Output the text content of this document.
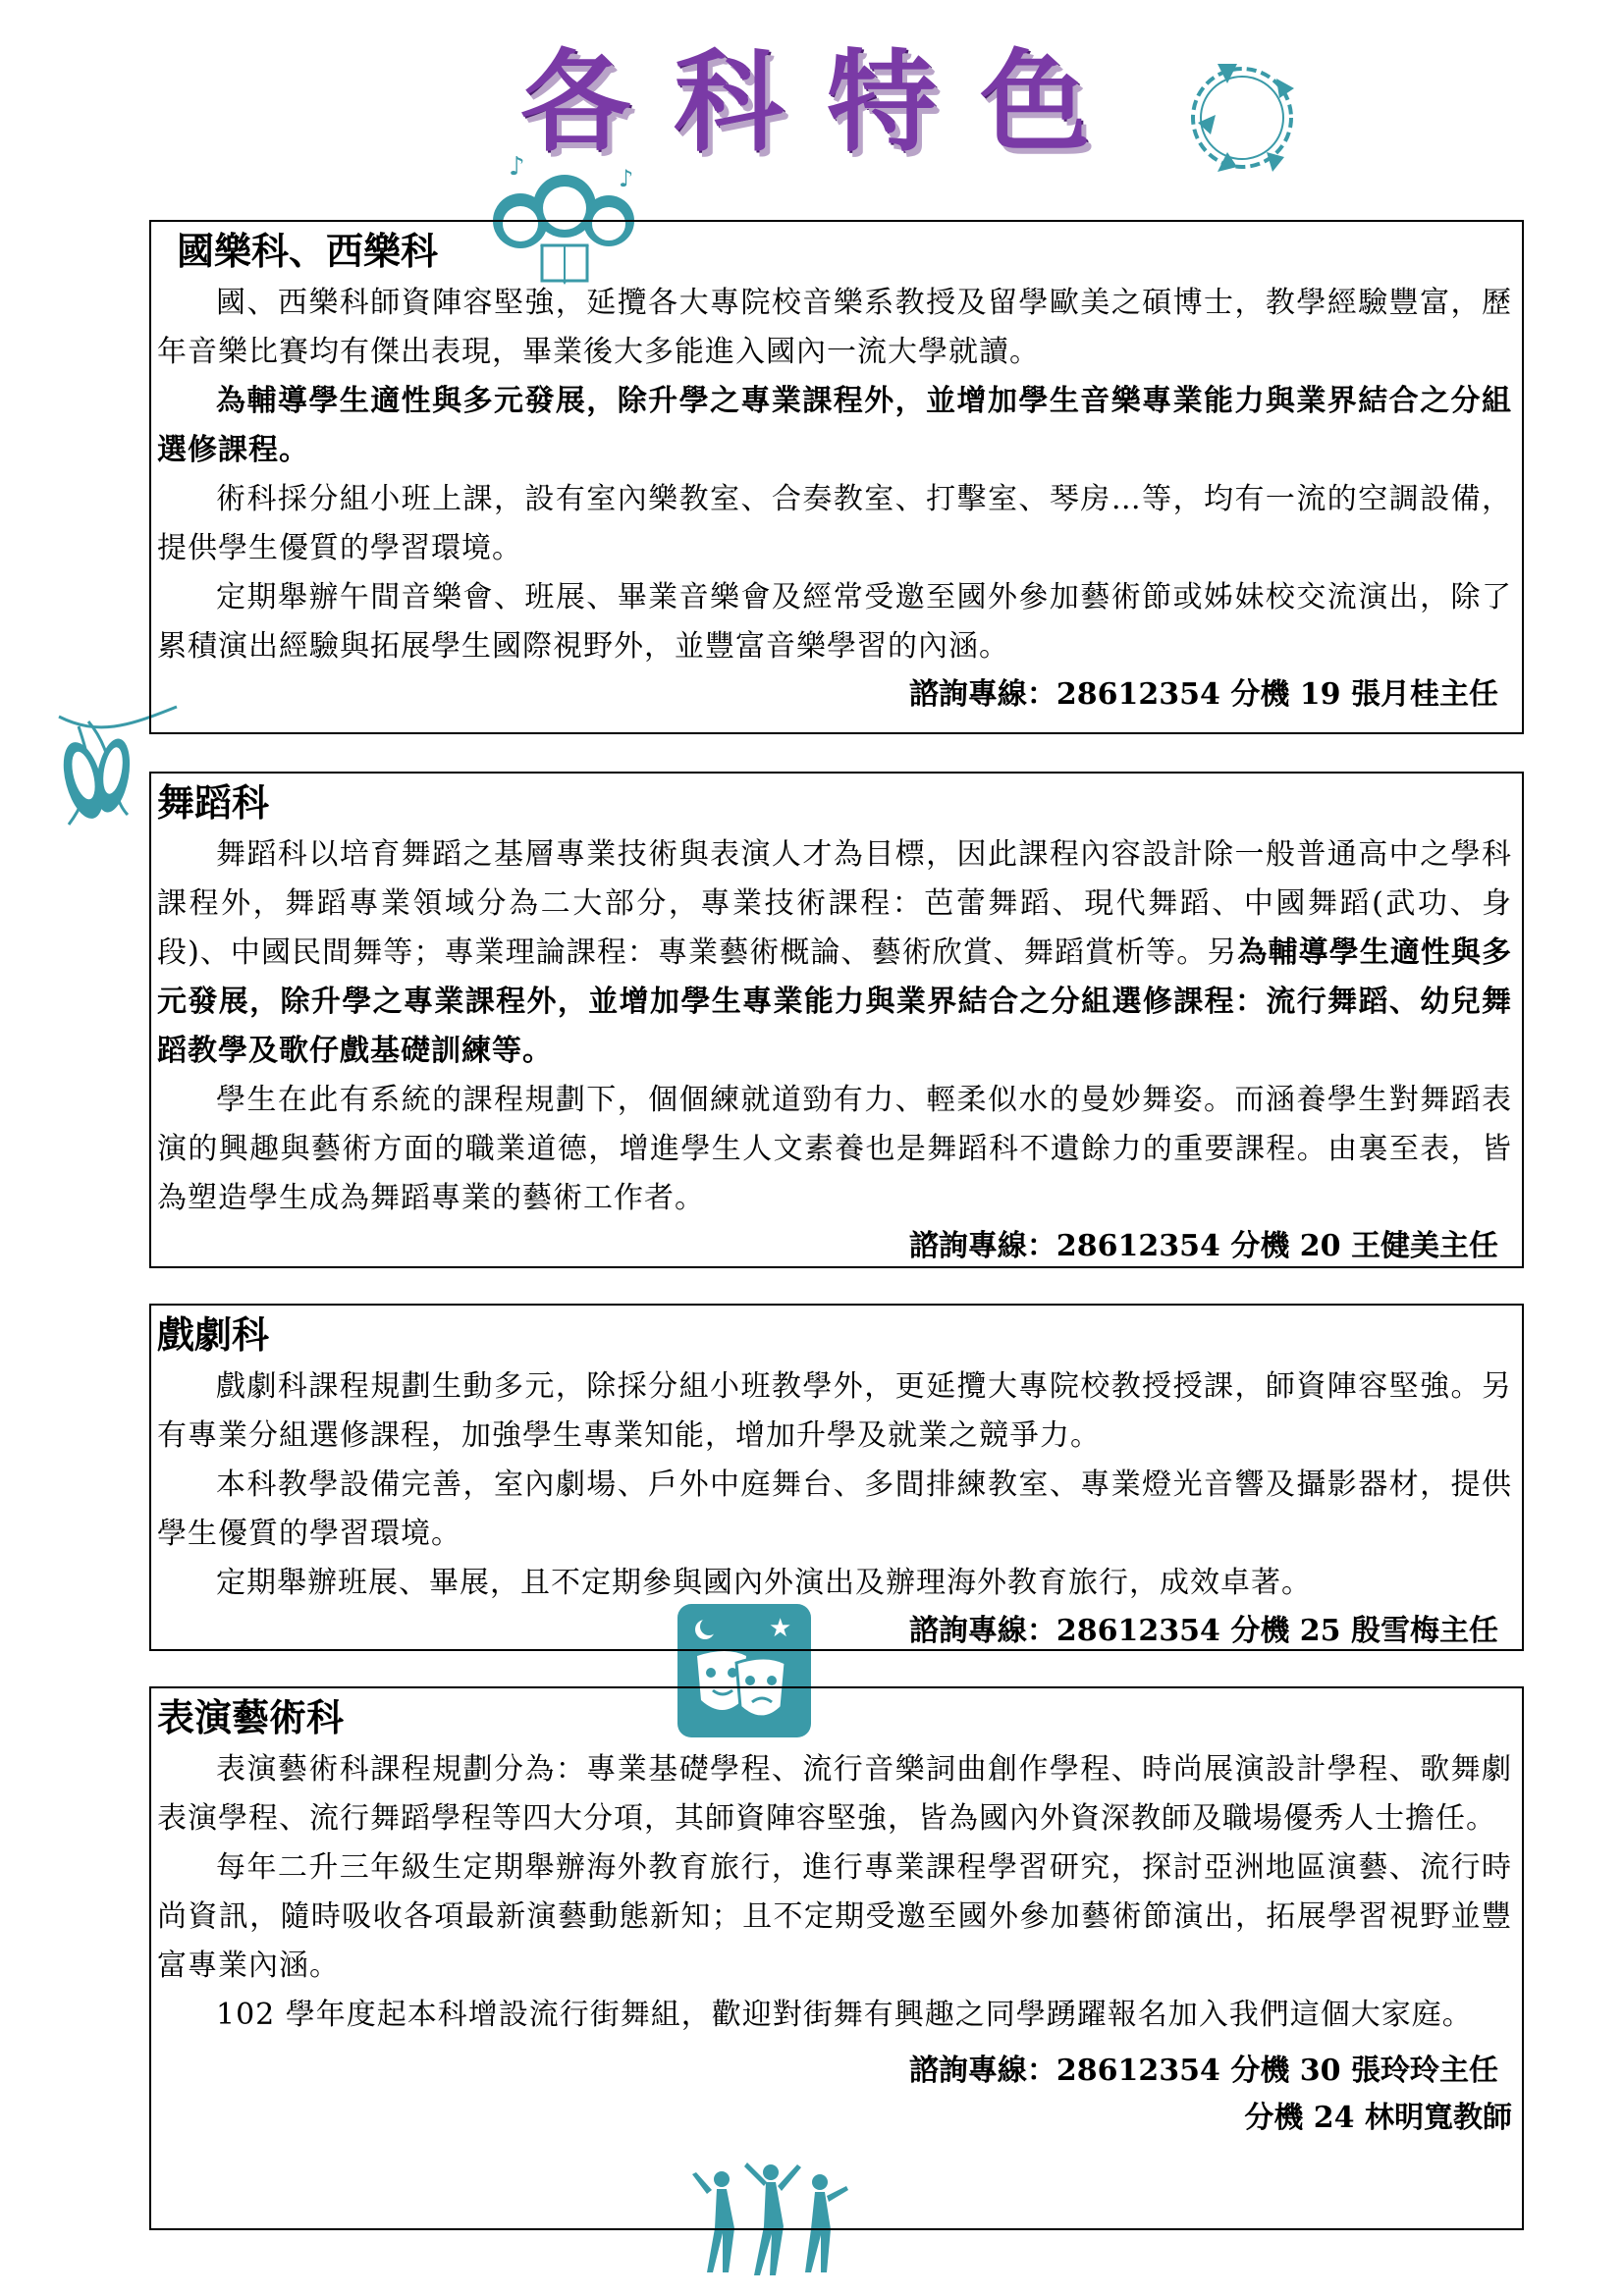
各科特色
♪	♪
★
國樂科、西樂科

國、西樂科師資陣容堅強，延攬各大專院校音樂系教授及留學歐美之碩博士，教學經驗豐富，歷年音樂比賽均有傑出表現，畢業後大多能進入國內一流大學就讀。

為輔導學生適性與多元發展，除升學之專業課程外，並增加學生音樂專業能力與業界結合之分組選修課程。

術科採分組小班上課，設有室內樂教室、合奏教室、打擊室、琴房…等，均有一流的空調設備，提供學生優質的學習環境。

定期舉辦午間音樂會、班展、畢業音樂會及經常受邀至國外參加藝術節或姊妹校交流演出，除了累積演出經驗與拓展學生國際視野外，並豐富音樂學習的內涵。

諮詢專線：28612354 分機 19 張月桂主任
舞蹈科

舞蹈科以培育舞蹈之基層專業技術與表演人才為目標，因此課程內容設計除一般普通高中之學科課程外，舞蹈專業領域分為二大部分，專業技術課程：芭蕾舞蹈、現代舞蹈、中國舞蹈(武功、身段)、中國民間舞等；專業理論課程：專業藝術概論、藝術欣賞、舞蹈賞析等。另為輔導學生適性與多元發展，除升學之專業課程外，並增加學生專業能力與業界結合之分組選修課程：流行舞蹈、幼兒舞蹈教學及歌仔戲基礎訓練等。

學生在此有系統的課程規劃下，個個練就道勁有力、輕柔似水的曼妙舞姿。而涵養學生對舞蹈表演的興趣與藝術方面的職業道德，增進學生人文素養也是舞蹈科不遺餘力的重要課程。由裏至表，皆為塑造學生成為舞蹈專業的藝術工作者。

諮詢專線：28612354 分機 20 王健美主任
戲劇科

戲劇科課程規劃生動多元，除採分組小班教學外，更延攬大專院校教授授課，師資陣容堅強。另有專業分組選修課程，加強學生專業知能，增加升學及就業之競爭力。

本科教學設備完善，室內劇場、戶外中庭舞台、多間排練教室、專業燈光音響及攝影器材，提供學生優質的學習環境。

定期舉辦班展、畢展，且不定期參與國內外演出及辦理海外教育旅行，成效卓著。

諮詢專線：28612354 分機 25 殷雪梅主任
表演藝術科

表演藝術科課程規劃分為：專業基礎學程、流行音樂詞曲創作學程、時尚展演設計學程、歌舞劇表演學程、流行舞蹈學程等四大分項，其師資陣容堅強，皆為國內外資深教師及職場優秀人士擔任。

每年二升三年級生定期舉辦海外教育旅行，進行專業課程學習研究，探討亞洲地區演藝、流行時尚資訊，隨時吸收各項最新演藝動態新知；且不定期受邀至國外參加藝術節演出，拓展學習視野並豐富專業內涵。

102 學年度起本科增設流行街舞組，歡迎對街舞有興趣之同學踴躍報名加入我們這個大家庭。

諮詢專線：28612354 分機 30 張玲玲主任
分機 24 林明寬教師
